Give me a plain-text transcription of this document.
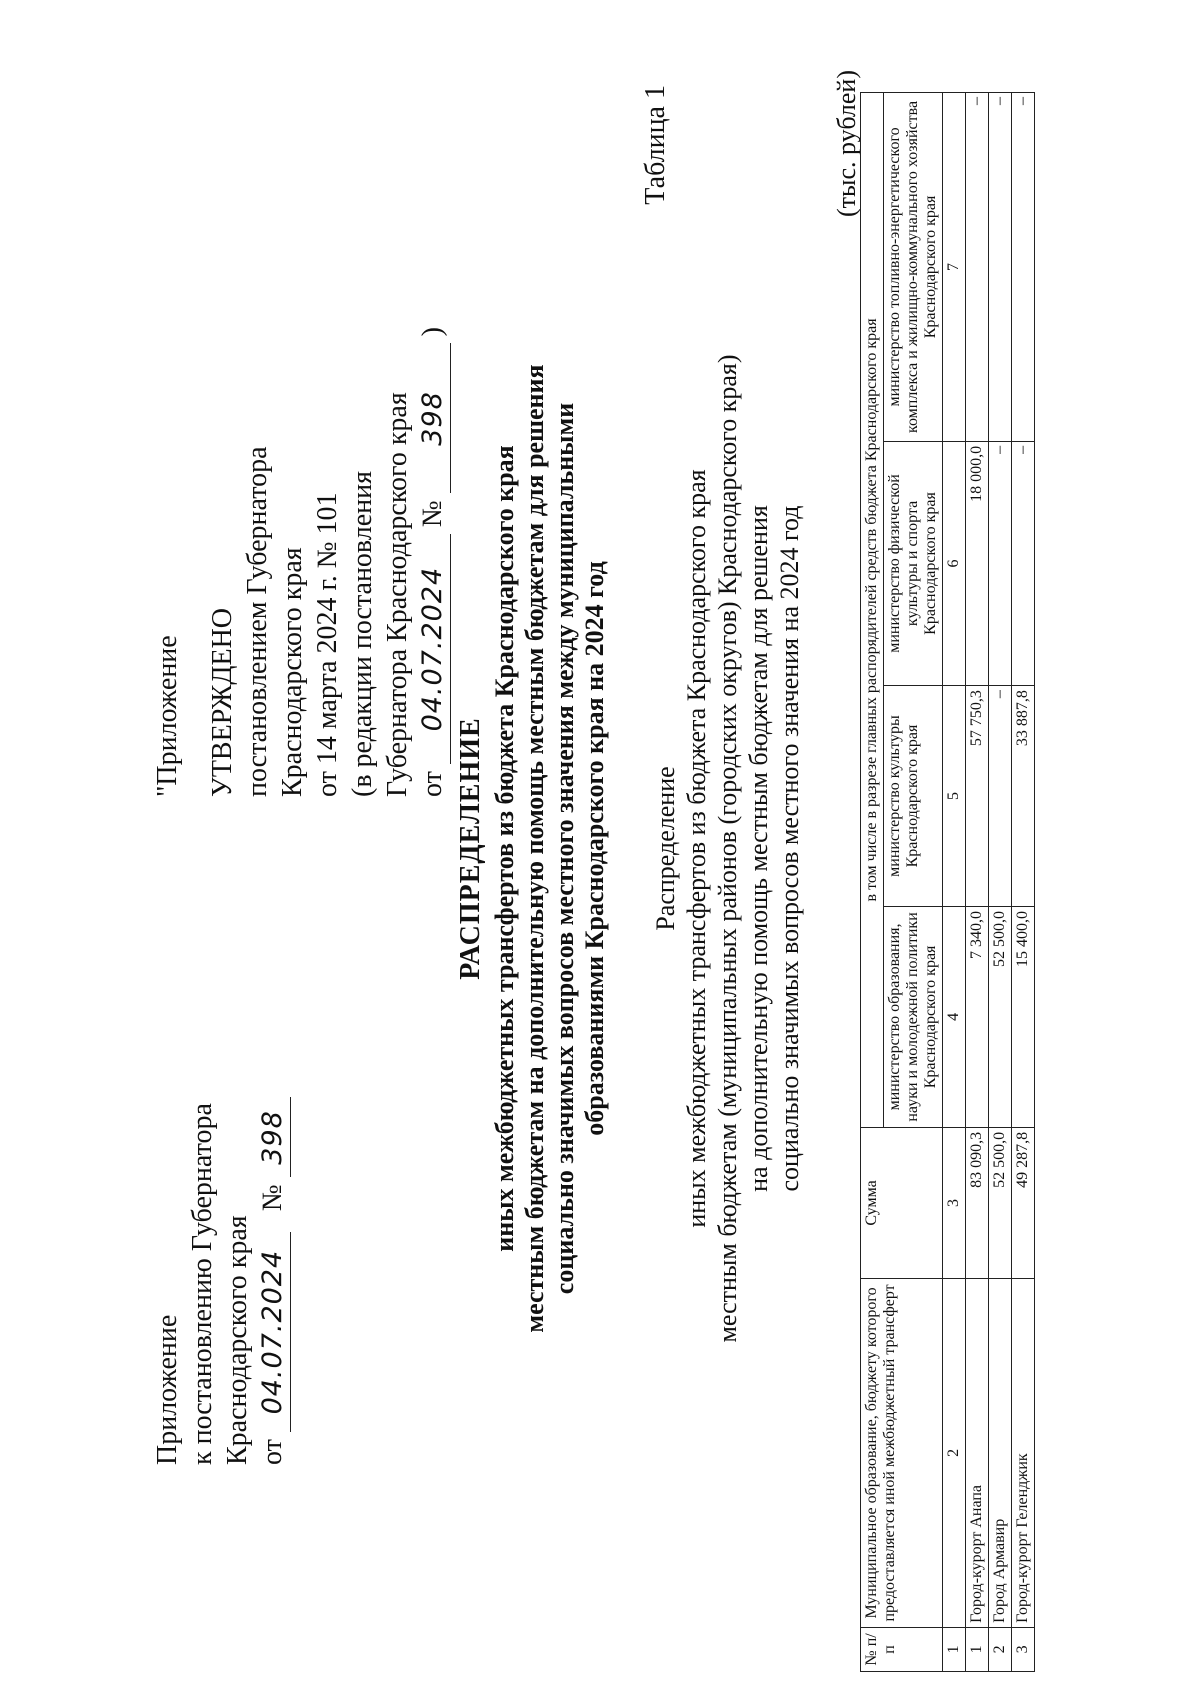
Приложение к постановлению Губернатора Краснодарского края от 04.07.2024 № 398
"Приложение УТВЕРЖДЕНО постановлением Губернатора Краснодарского края от 14 марта 2024 г. № 101 (в редакции постановления Губернатора Краснодарского края от 04.07.2024 № 398 )
РАСПРЕДЕЛЕНИЕ иных межбюджетных трансфертов из бюджета Краснодарского края местным бюджетам на дополнительную помощь местным бюджетам для решения социально значимых вопросов местного значения между муниципальными образованиями Краснодарского края на 2024 год
Таблица 1
Распределение иных межбюджетных трансфертов из бюджета Краснодарского края местным бюджетам (муниципальных районов (городских округов) Краснодарского края) на дополнительную помощь местным бюджетам для решения социально значимых вопросов местного значения на 2024 год
(тыс. рублей)
№ п/п	Муниципальное образование, бюджету которого предоставляется иной межбюджетный трансферт	Сумма	в том числе в разрезе главных распорядителей средств бюджета Краснодарского края			
			министерство образования, науки и молодежной политики Краснодарского края	министерство культуры Краснодарского края	министерство физической культуры и спорта Краснодарского края	министерство топливно-энергетического комплекса и жилищно-коммунального хозяйства Краснодарского края
1	2	3	4	5	6	7
1	Город-курорт Анапа	83 090,3	7 340,0	57 750,3	18 000,0	–
2	Город Армавир	52 500,0	52 500,0	–	–	–
3	Город-курорт Геленджик	49 287,8	15 400,0	33 887,8	–	–
